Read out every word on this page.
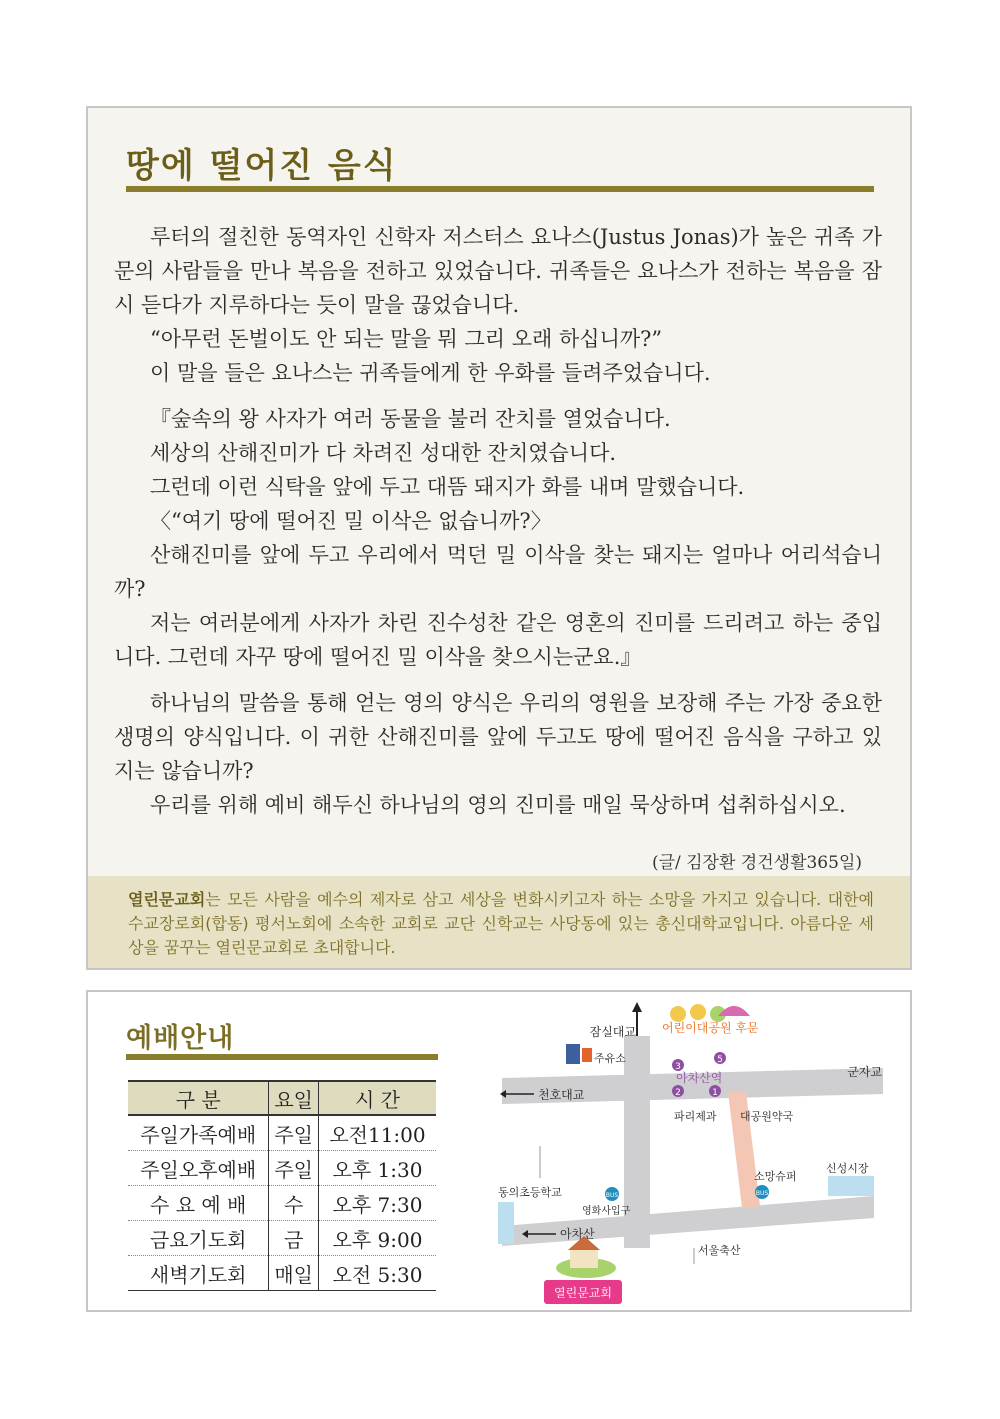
땅에 떨어진 음식

루터의 절친한 동역자인 신학자 저스터스 요나스(Justus Jonas)가 높은 귀족 가문의 사람들을 만나 복음을 전하고 있었습니다. 귀족들은 요나스가 전하는 복음을 잠시 듣다가 지루하다는 듯이 말을 끊었습니다.

“아무런 돈벌이도 안 되는 말을 뭐 그리 오래 하십니까?”

이 말을 들은 요나스는 귀족들에게 한 우화를 들려주었습니다.

『숲속의 왕 사자가 여러 동물을 불러 잔치를 열었습니다.

세상의 산해진미가 다 차려진 성대한 잔치였습니다.

그런데 이런 식탁을 앞에 두고 대뜸 돼지가 화를 내며 말했습니다.

〈“여기 땅에 떨어진 밀 이삭은 없습니까?〉

산해진미를 앞에 두고 우리에서 먹던 밀 이삭을 찾는 돼지는 얼마나 어리석습니까?

저는 여러분에게 사자가 차린 진수성찬 같은 영혼의 진미를 드리려고 하는 중입니다. 그런데 자꾸 땅에 떨어진 밀 이삭을 찾으시는군요.』

하나님의 말씀을 통해 얻는 영의 양식은 우리의 영원을 보장해 주는 가장 중요한 생명의 양식입니다. 이 귀한 산해진미를 앞에 두고도 땅에 떨어진 음식을 구하고 있지는 않습니까?

우리를 위해 예비 해두신 하나님의 영의 진미를 매일 묵상하며 섭취하십시오.

(글/ 김장환 경건생활365일)
열린문교회는 모든 사람을 예수의 제자로 삼고 세상을 변화시키고자 하는 소망을 가지고 있습니다. 대한예수교장로회(합동) 평서노회에 소속한 교회로 교단 신학교는 사당동에 있는 총신대학교입니다. 아름다운 세상을 꿈꾸는 열린문교회로 초대합니다.
예배안내
구 분	요일	시 간
주일가족예배	주일	오전11:00
주일오후예배	주일	오후 1:30
수 요 예 배	수	오후 7:30
금요기도회	금	오후 9:00
새벽기도회	매일	오전 5:30
3
2	1
5
BUS	BUS
잠실대교 어린이대공원 후문
주유소
천호대교
아차산역	군자교
파리제과 대공원약국
소망슈퍼
신성시장
동의초등학교
영화사입구
아차산
서울축산
열린문교회
